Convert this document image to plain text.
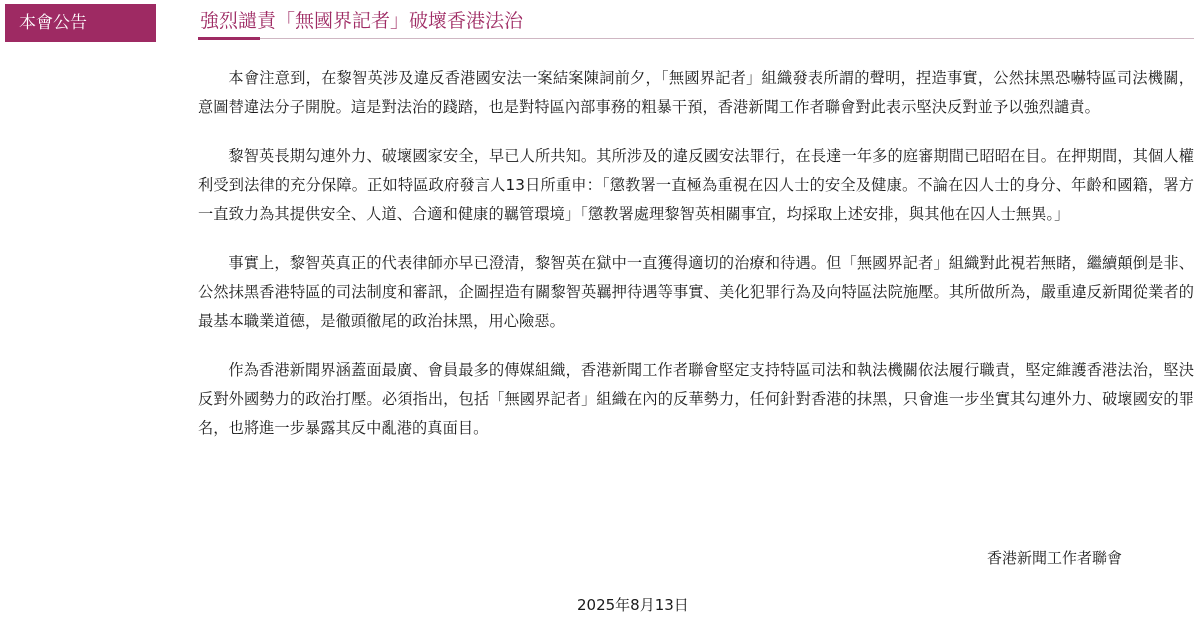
本會公告	強烈譴責「無國界記者」破壞香港法治

本會注意到，在黎智英涉及違反香港國安法一案結案陳詞前夕，「無國界記者」組織發表所謂的聲明，捏造事實，公然抹黑恐嚇特區司法機關，意圖替違法分子開脫。這是對法治的踐踏，也是對特區內部事務的粗暴干預，香港新聞工作者聯會對此表示堅決反對並予以強烈譴責。

黎智英長期勾連外力、破壞國家安全，早已人所共知。其所涉及的違反國安法罪行，在長達一年多的庭審期間已昭昭在目。在押期間，其個人權利受到法律的充分保障。正如特區政府發言人13日所重申：「懲教署一直極為重視在囚人士的安全及健康。不論在囚人士的身分、年齡和國籍，署方一直致力為其提供安全、人道、合適和健康的羈管環境」「懲教署處理黎智英相關事宜，均採取上述安排，與其他在囚人士無異。」

事實上，黎智英真正的代表律師亦早已澄清，黎智英在獄中一直獲得適切的治療和待遇。但「無國界記者」組織對此視若無睹，繼續顛倒是非、公然抹黑香港特區的司法制度和審訊，企圖捏造有關黎智英羈押待遇等事實、美化犯罪行為及向特區法院施壓。其所做所為，嚴重違反新聞從業者的最基本職業道德，是徹頭徹尾的政治抹黑，用心險惡。

作為香港新聞界涵蓋面最廣、會員最多的傳媒組織，香港新聞工作者聯會堅定支持特區司法和執法機關依法履行職責，堅定維護香港法治，堅決反對外國勢力的政治打壓。必須指出，包括「無國界記者」組織在內的反華勢力，任何針對香港的抹黑，只會進一步坐實其勾連外力、破壞國安的罪名，也將進一步暴露其反中亂港的真面目。

香港新聞工作者聯會
2025年8月13日
